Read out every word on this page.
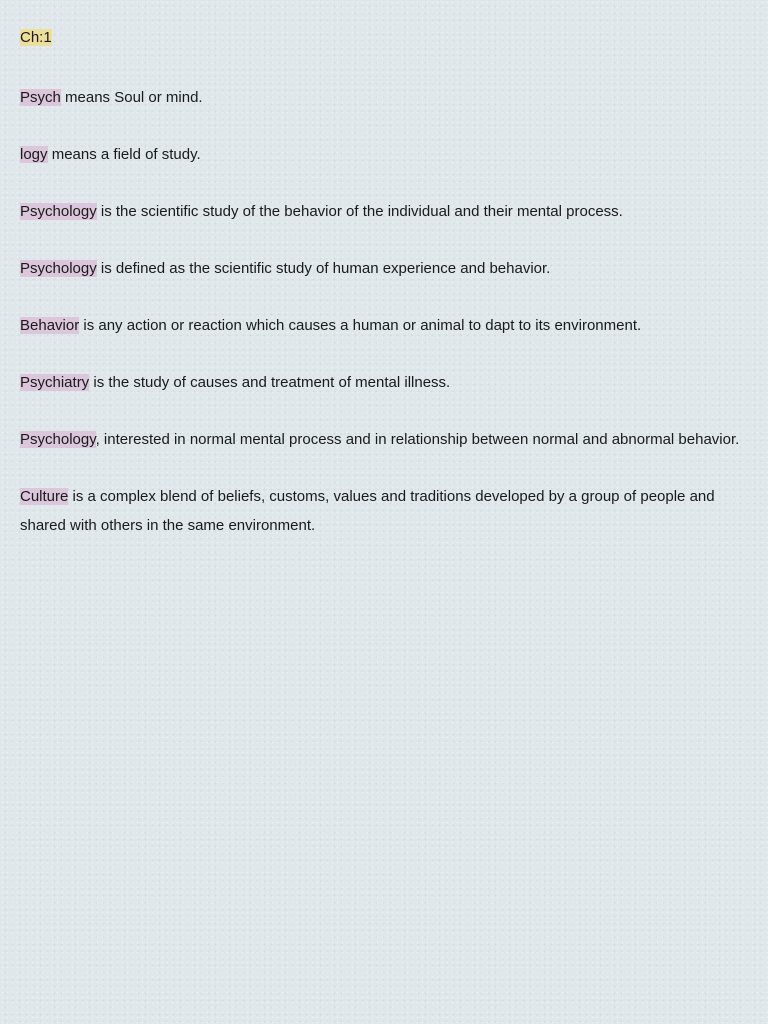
Ch:1
Psych means Soul or mind.
logy means a field of study.
Psychology is the scientific study of the behavior of the individual and their mental process.
Psychology is defined as the scientific study of human experience and behavior.
Behavior is any action or reaction which causes a human or animal to dapt to its environment.
Psychiatry is the study of causes and treatment of mental illness.
Psychology, interested in normal mental process and in relationship between normal and abnormal behavior.
Culture is a complex blend of beliefs, customs, values and traditions developed by a group of people and shared with others in the same environment.
